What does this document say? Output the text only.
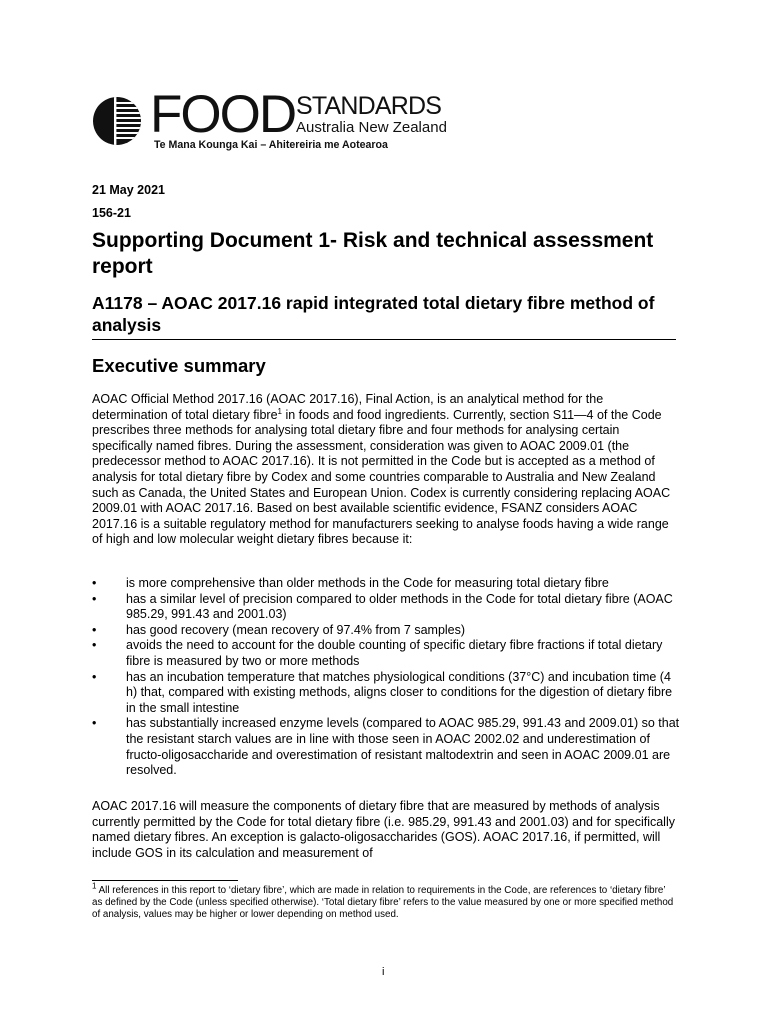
FOOD STANDARDS
Australia New Zealand
Te Mana Kounga Kai – Ahitereiria me Aotearoa
21 May 2021
156-21
Supporting Document 1- Risk and technical assessment report
A1178 – AOAC 2017.16 rapid integrated total dietary fibre method of analysis
Executive summary

AOAC Official Method 2017.16 (AOAC 2017.16), Final Action, is an analytical method for the determination of total dietary fibre$^1$ in foods and food ingredients. Currently, section S11—4 of the Code prescribes three methods for analysing total dietary fibre and four methods for analysing certain specifically named fibres. During the assessment, consideration was given to AOAC 2009.01 (the predecessor method to AOAC 2017.16). It is not permitted in the Code but is accepted as a method of analysis for total dietary fibre by Codex and some countries comparable to Australia and New Zealand such as Canada, the United States and European Union. Codex is currently considering replacing AOAC 2009.01 with AOAC 2017.16. Based on best available scientific evidence, FSANZ considers AOAC 2017.16 is a suitable regulatory method for manufacturers seeking to analyse foods having a wide range of high and low molecular weight dietary fibres because it:

• is more comprehensive than older methods in the Code for measuring total dietary fibre
• has a similar level of precision compared to older methods in the Code for total dietary fibre (AOAC 985.29, 991.43 and 2001.03)
• has good recovery (mean recovery of 97.4% from 7 samples)
• avoids the need to account for the double counting of specific dietary fibre fractions if total dietary fibre is measured by two or more methods
• has an incubation temperature that matches physiological conditions (37°C) and incubation time (4 h) that, compared with existing methods, aligns closer to conditions for the digestion of dietary fibre in the small intestine
• has substantially increased enzyme levels (compared to AOAC 985.29, 991.43 and 2009.01) so that the resistant starch values are in line with those seen in AOAC 2002.02 and underestimation of fructo-oligosaccharide and overestimation of resistant maltodextrin and seen in AOAC 2009.01 are resolved.

AOAC 2017.16 will measure the components of dietary fibre that are measured by methods of analysis currently permitted by the Code for total dietary fibre (i.e. 985.29, 991.43 and 2001.03) and for specifically named dietary fibres. An exception is galacto-oligosaccharides (GOS). AOAC 2017.16, if permitted, will include GOS in its calculation and measurement of

$^1$ All references in this report to ‘dietary fibre’, which are made in relation to requirements in the Code, are references to ‘dietary fibre’ as defined by the Code (unless specified otherwise). ‘Total dietary fibre’ refers to the value measured by one or more specified method of analysis, values may be higher or lower depending on method used.

i
